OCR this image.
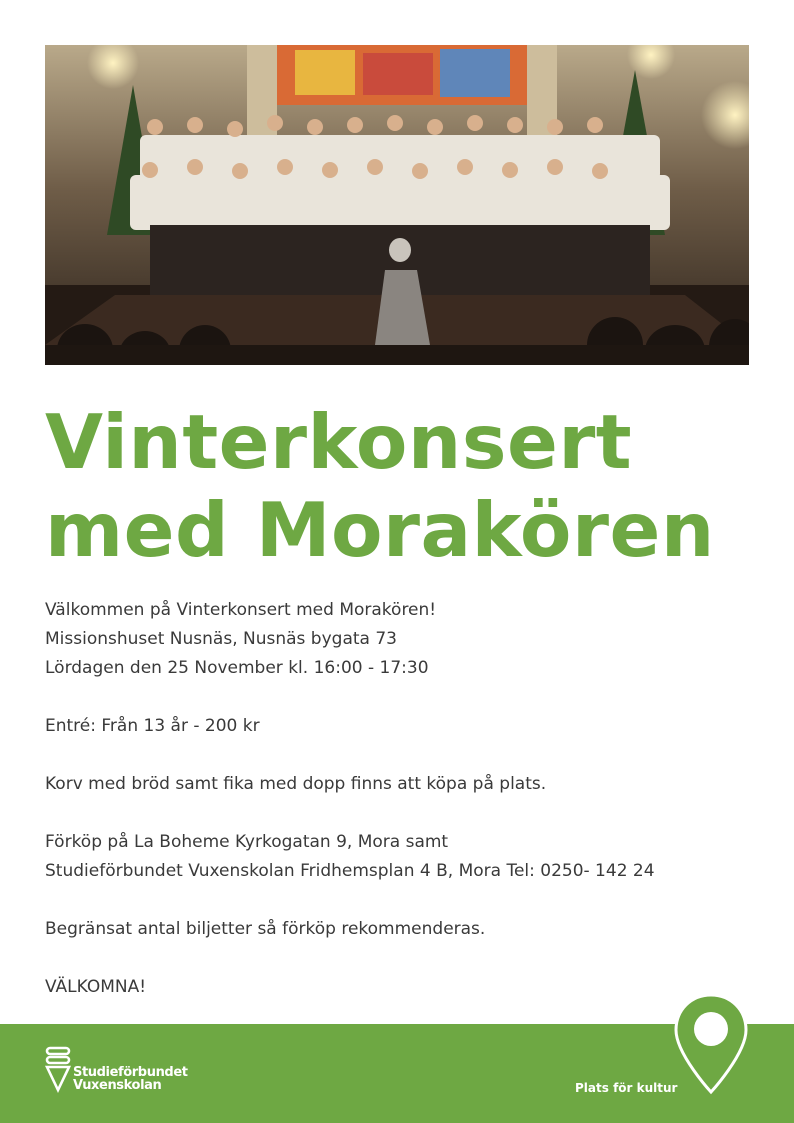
Vinterkonsert
med Morakören

Välkommen på Vinterkonsert med Morakören!

Missionshuset Nusnäs, Nusnäs bygata 73

Lördagen den 25 November kl. 16:00 - 17:30

Entré: Från 13 år - 200 kr

Korv med bröd samt fika med dopp finns att köpa på plats.

Förköp på La Boheme Kyrkogatan 9, Mora samt

Studieförbundet Vuxenskolan Fridhemsplan 4 B, Mora Tel: 0250- 142 24

Begränsat antal biljetter så förköp rekommenderas.

VÄLKOMNA!

Studieförbundet
Vuxenskolan	Plats för kultur
